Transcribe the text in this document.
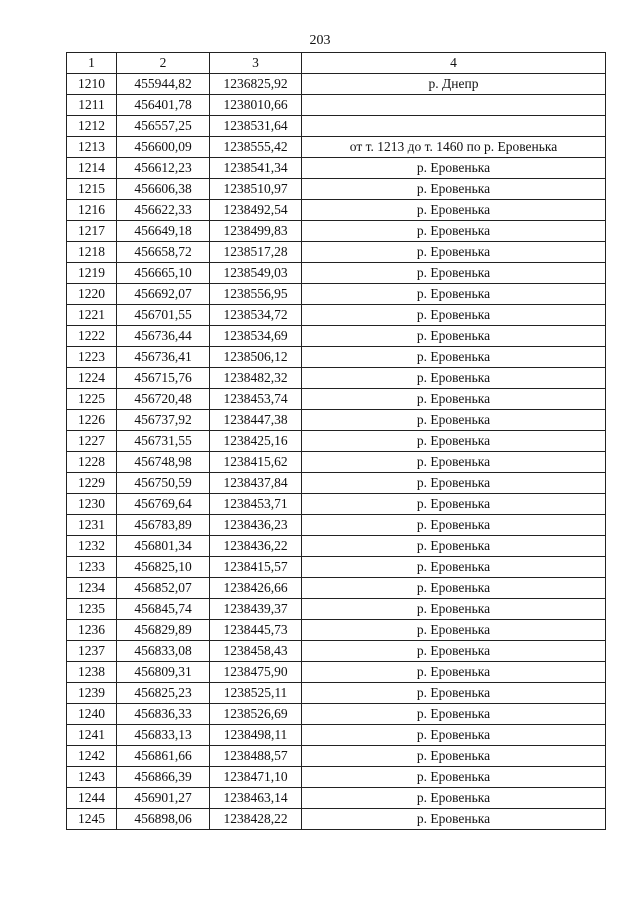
203
1	2	3	4
1210	455944,82	1236825,92	р. Днепр
1211	456401,78	1238010,66	
1212	456557,25	1238531,64	
1213	456600,09	1238555,42	от т. 1213 до т. 1460 по р. Еровенька
1214	456612,23	1238541,34	р. Еровенька
1215	456606,38	1238510,97	р. Еровенька
1216	456622,33	1238492,54	р. Еровенька
1217	456649,18	1238499,83	р. Еровенька
1218	456658,72	1238517,28	р. Еровенька
1219	456665,10	1238549,03	р. Еровенька
1220	456692,07	1238556,95	р. Еровенька
1221	456701,55	1238534,72	р. Еровенька
1222	456736,44	1238534,69	р. Еровенька
1223	456736,41	1238506,12	р. Еровенька
1224	456715,76	1238482,32	р. Еровенька
1225	456720,48	1238453,74	р. Еровенька
1226	456737,92	1238447,38	р. Еровенька
1227	456731,55	1238425,16	р. Еровенька
1228	456748,98	1238415,62	р. Еровенька
1229	456750,59	1238437,84	р. Еровенька
1230	456769,64	1238453,71	р. Еровенька
1231	456783,89	1238436,23	р. Еровенька
1232	456801,34	1238436,22	р. Еровенька
1233	456825,10	1238415,57	р. Еровенька
1234	456852,07	1238426,66	р. Еровенька
1235	456845,74	1238439,37	р. Еровенька
1236	456829,89	1238445,73	р. Еровенька
1237	456833,08	1238458,43	р. Еровенька
1238	456809,31	1238475,90	р. Еровенька
1239	456825,23	1238525,11	р. Еровенька
1240	456836,33	1238526,69	р. Еровенька
1241	456833,13	1238498,11	р. Еровенька
1242	456861,66	1238488,57	р. Еровенька
1243	456866,39	1238471,10	р. Еровенька
1244	456901,27	1238463,14	р. Еровенька
1245	456898,06	1238428,22	р. Еровенька
